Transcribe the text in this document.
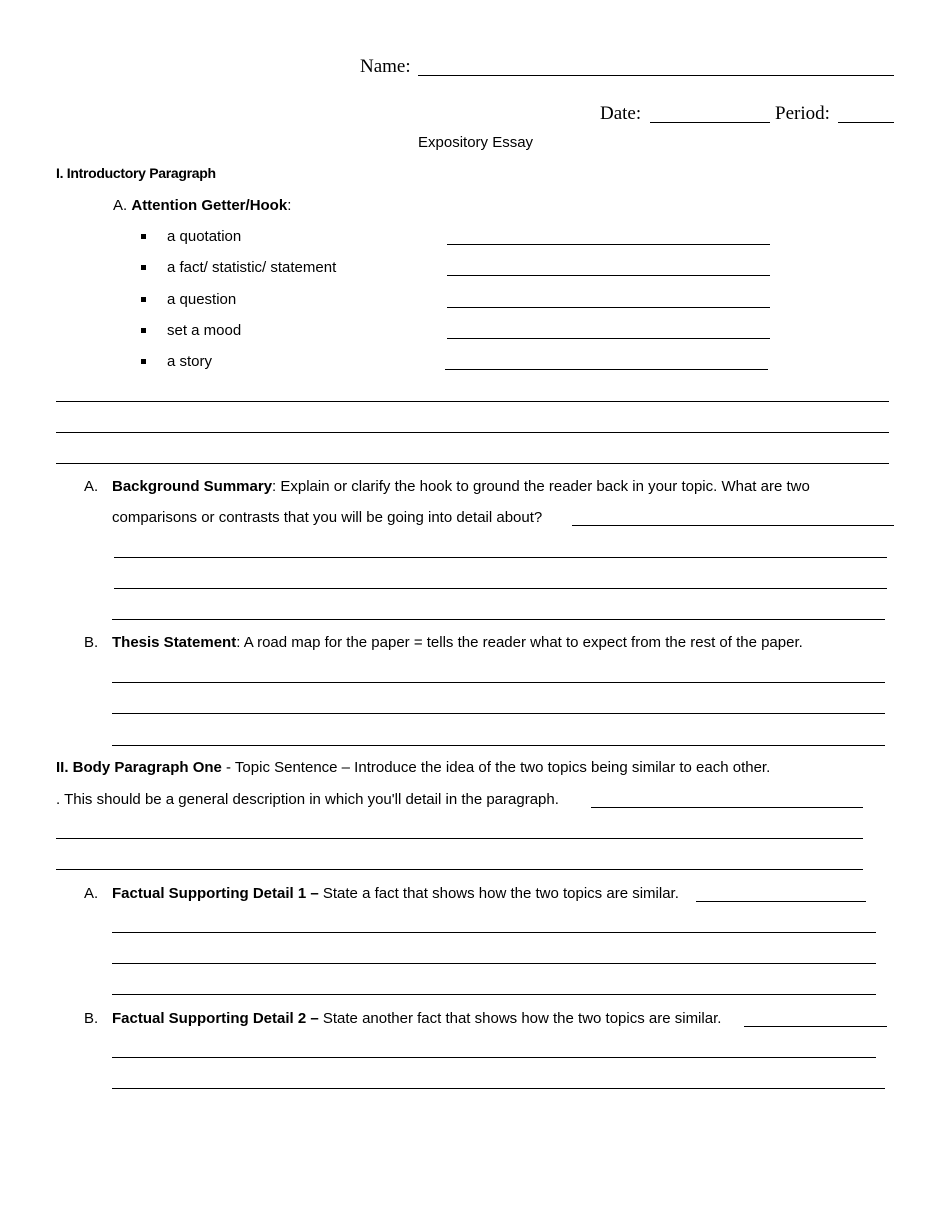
Name:
Date:	Period:
Expository Essay
I. Introductory Paragraph
A. Attention Getter/Hook:
a quotation
a fact/ statistic/ statement
a question
set a mood
a story
A. Background Summary: Explain or clarify the hook to ground the reader back in your topic. What are two
comparisons or contrasts that you will be going into detail about?
B. Thesis Statement: A road map for the paper = tells the reader what to expect from the rest of the paper.
II. Body Paragraph One - Topic Sentence – Introduce the idea of the two topics being similar to each other.
. This should be a general description in which you'll detail in the paragraph.
A. Factual Supporting Detail 1 – State a fact that shows how the two topics are similar.
B. Factual Supporting Detail 2 – State another fact that shows how the two topics are similar.
